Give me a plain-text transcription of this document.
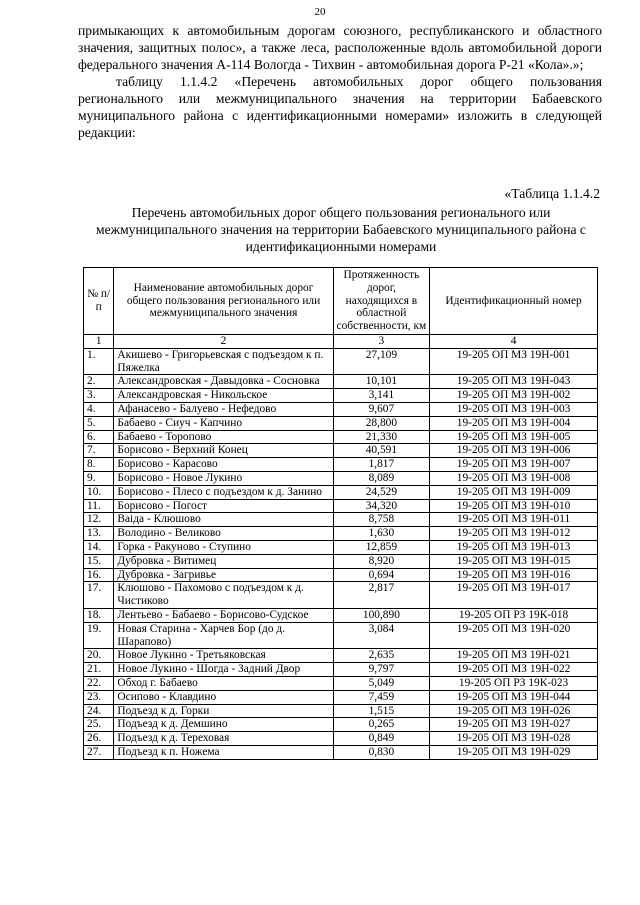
20

примыкающих к автомобильным дорогам союзного, республиканского и областного значения, защитных полос», а также леса, расположенные вдоль автомобильной дороги федерального значения А-114 Вологда - Тихвин - автомобильная дорога Р-21 «Кола».»;

таблицу 1.1.4.2 «Перечень автомобильных дорог общего пользования регионального или межмуниципального значения на территории Бабаевского муниципального района с идентификационными номерами» изложить в следующей редакции:

«Таблица 1.1.4.2
Перечень автомобильных дорог общего пользования регионального или межмуниципального значения на территории Бабаевского муниципального района с идентификационными номерами
№ п/п	Наименование автомобильных дорог общего пользования регионального или межмуниципального значения	Протяженность дорог, находящихся в областной собственности, км	Идентификационный номер
1	2	3	4
1.	Акишево - Григорьевская с подъездом к п. Пяжелка	27,109	19-205 ОП МЗ 19Н-001
2.	Александровская - Давыдовка - Сосновка	10,101	19-205 ОП МЗ 19Н-043
3.	Александровская - Никольское	3,141	19-205 ОП МЗ 19Н-002
4.	Афанасево - Балуево - Нефедово	9,607	19-205 ОП МЗ 19Н-003
5.	Бабаево - Сиуч - Капчино	28,800	19-205 ОП МЗ 19Н-004
6.	Бабаево - Торопово	21,330	19-205 ОП МЗ 19Н-005
7.	Борисово - Верхний Конец	40,591	19-205 ОП МЗ 19Н-006
8.	Борисово - Карасово	1,817	19-205 ОП МЗ 19Н-007
9.	Борисово - Новое Лукино	8,089	19-205 ОП МЗ 19Н-008
10.	Борисово - Плесо с подъездом к д. Занино	24,529	19-205 ОП МЗ 19Н-009
11.	Борисово - Погост	34,320	19-205 ОП МЗ 19Н-010
12.	Ваіда - Клюшово	8,758	19-205 ОП МЗ 19Н-011
13.	Володино - Великово	1,630	19-205 ОП МЗ 19Н-012
14.	Горка - Ракуново - Ступино	12,859	19-205 ОП МЗ 19Н-013
15.	Дубровка - Витимец	8,920	19-205 ОП МЗ 19Н-015
16.	Дубровка - Загривье	0,694	19-205 ОП МЗ 19Н-016
17.	Клюшово - Пахомово с подъездом к д. Чистиково	2,817	19-205 ОП МЗ 19Н-017
18.	Лентьево - Бабаево - Борисово-Судское	100,890	19-205 ОП РЗ 19К-018
19.	Новая Старина - Харчев Бор (до д. Шарапово)	3,084	19-205 ОП МЗ 19Н-020
20.	Новое Лукино - Третьяковская	2,635	19-205 ОП МЗ 19Н-021
21.	Новое Лукино - Шогда - Задний Двор	9,797	19-205 ОП МЗ 19Н-022
22.	Обход г. Бабаево	5,049	19-205 ОП РЗ 19К-023
23.	Осипово - Клавдино	7,459	19-205 ОП МЗ 19Н-044
24.	Подъезд к д. Горки	1,515	19-205 ОП МЗ 19Н-026
25.	Подъезд к д. Демшино	0,265	19-205 ОП МЗ 19Н-027
26.	Подъезд к д. Тереховая	0,849	19-205 ОП МЗ 19Н-028
27.	Подъезд к п. Ножема	0,830	19-205 ОП МЗ 19Н-029
